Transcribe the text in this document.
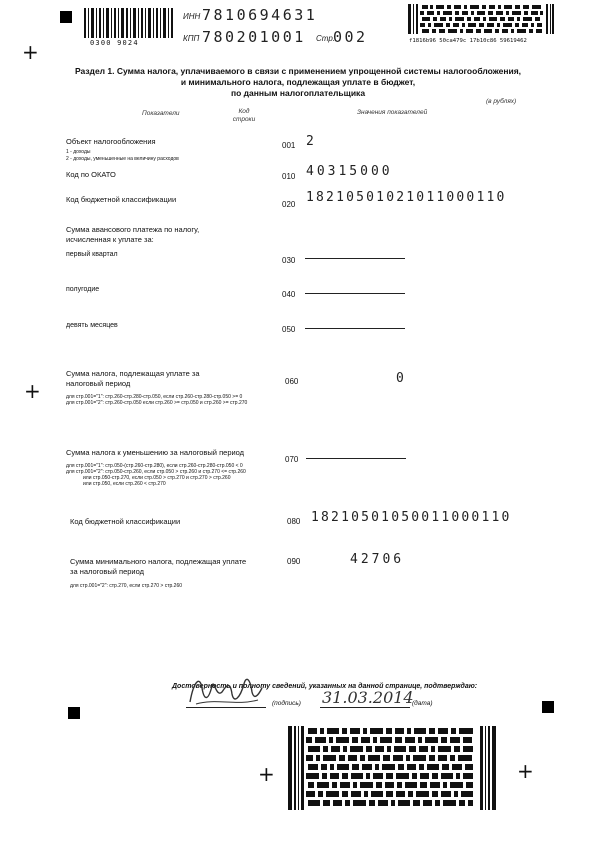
+
+
+	+
0300 9024
ИНН 7810694631
КПП 780201001 Стр.
002	f1816b96 50ca479c 17b10c86 59619462
Раздел 1. Сумма налога, уплачиваемого в связи с применением упрощенной системы налогообложения,
и минимального налога, подлежащая уплате в бюджет,
по данным налогоплательщика
Показатели	Код
строки
Значения показателей
(в рублях)
Объект налогообложения
1 - доходы
2 - доходы, уменьшенные на величину расходов
001 2
Код по ОКАТО	010 40315000
Код бюджетной классификации
020 18210501021011000110
Сумма авансового платежа по налогу,
исчисленная к уплате за:
первый квартал
030
полугодие
040
девять месяцев	050
Сумма налога, подлежащая уплате за
налоговый период
для стр.001="1": стр.260-стр.280-стр.050, если стр.260-стр.280-стр.050 >= 0
для стр.001="2": стр.260-стр.050 если стр.260 >= стр.050 и стр.260 >= стр.270
060	0
Сумма налога к уменьшению за налоговый период
для стр.001="1": стр.050-(стр.260-стр.280), если стр.260-стр.280-стр.050 < 0
для стр.001="2": стр.050-стр.260, если стр.050 > стр.260 и стр.270 <= стр.260
или стр.050-стр.270, если стр.050 > стр.270 и стр.270 > стр.260
или стр.050, если стр.260 < стр.270
070
Код бюджетной классификации	080 18210501050011000110
Сумма минимального налога, подлежащая уплате
за налоговый период
для стр.001="2": стр.270, если стр.270 > стр.260
090	42706
Достоверность и полноту сведений, указанных на данной странице, подтверждаю:
(подпись)	(дата)
31.03.2014
